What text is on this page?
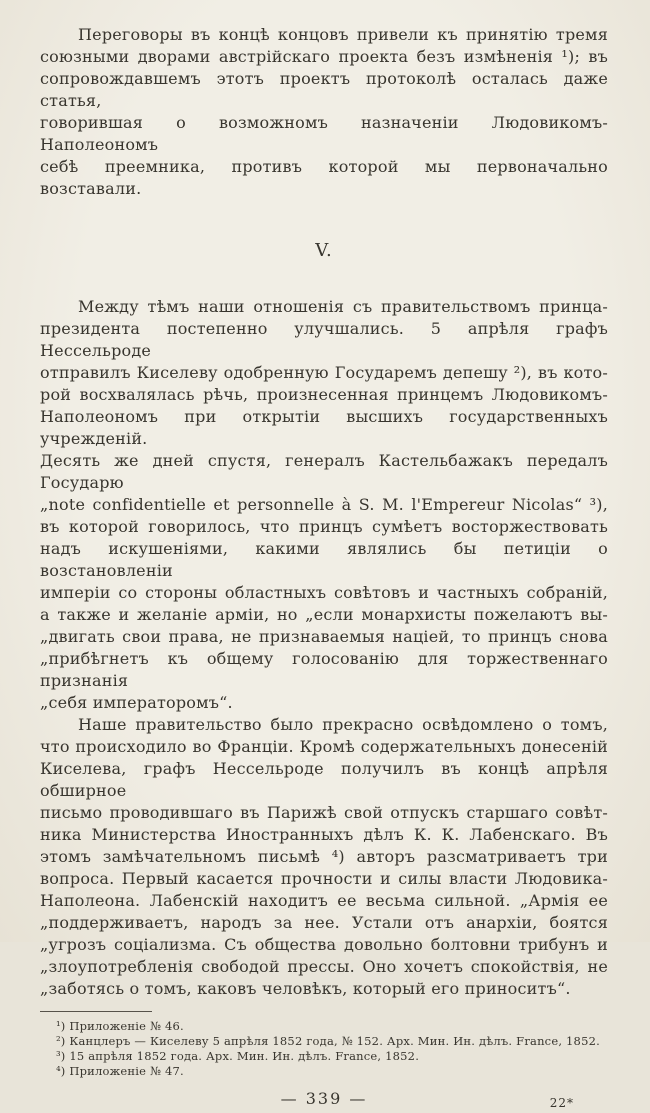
Переговоры въ концѣ концовъ привели къ принятію тремя
союзными дворами австрійскаго проекта безъ измѣненія ¹); въ
сопровождавшемъ этотъ проектъ протоколѣ осталась даже статья,
говорившая о возможномъ назначеніи Людовикомъ-Наполеономъ
себѣ преемника, противъ которой мы первоначально возставали.
V.
Между тѣмъ наши отношенія съ правительствомъ принца-
президента постепенно улучшались. 5 апрѣля графъ Нессельроде
отправилъ Киселеву одобренную Государемъ депешу ²), въ кото-
рой восхвалялась рѣчь, произнесенная принцемъ Людовикомъ-
Наполеономъ при открытіи высшихъ государственныхъ учрежденій.
Десять же дней спустя, генералъ Кастельбажакъ передалъ Государю
„note confidentielle et personnelle à S. M. l'Empereur Nicolas“ ³),
въ которой говорилось, что принцъ сумѣетъ восторжествовать
надъ искушеніями, какими являлись бы петиціи о возстановленіи
имперіи со стороны областныхъ совѣтовъ и частныхъ собраній,
а также и желаніе арміи, но „если монархисты пожелаютъ вы-
„двигать свои права, не признаваемыя націей, то принцъ снова
„прибѣгнетъ къ общему голосованію для торжественнаго признанія
„себя императоромъ“.
Наше правительство было прекрасно освѣдомлено о томъ,
что происходило во Франціи. Кромѣ содержательныхъ донесеній
Киселева, графъ Нессельроде получилъ въ концѣ апрѣля обширное
письмо проводившаго въ Парижѣ свой отпускъ старшаго совѣт-
ника Министерства Иностранныхъ дѣлъ К. К. Лабенскаго. Въ
этомъ замѣчательномъ письмѣ ⁴) авторъ разсматриваетъ три
вопроса. Первый касается прочности и силы власти Людовика-
Наполеона. Лабенскій находитъ ее весьма сильной. „Армія ее
„поддерживаетъ, народъ за нее. Устали отъ анархіи, боятся
„угрозъ соціализма. Съ общества довольно болтовни трибунъ и
„злоупотребленія свободой прессы. Оно хочетъ спокойствія, не
„заботясь о томъ, каковъ человѣкъ, который его приноситъ“.
¹) Приложеніе № 46.
²) Канцлеръ — Киселеву 5 апрѣля 1852 года, № 152. Арх. Мин. Ин. дѣлъ. France, 1852.
³) 15 апрѣля 1852 года. Арх. Мин. Ин. дѣлъ. France, 1852.
⁴) Приложеніе № 47.
— 339 —	22*
